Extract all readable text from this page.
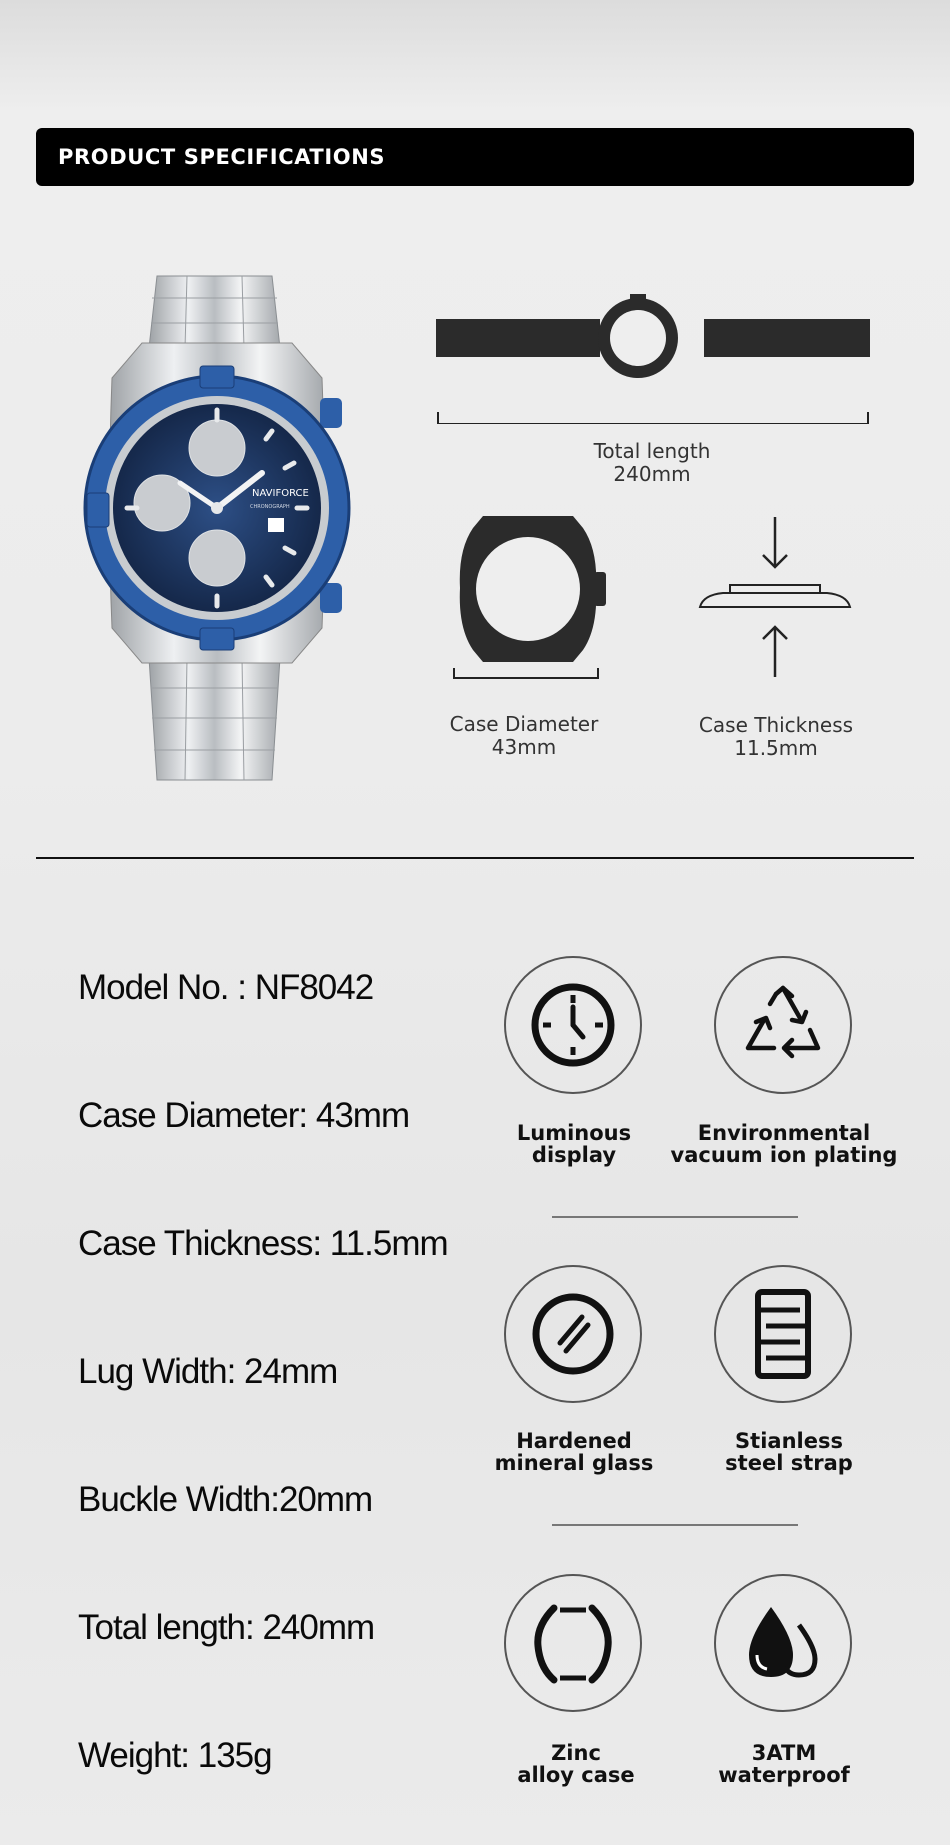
PRODUCT SPECIFICATIONS
NAVIFORCE
CHRONOGRAPH
Total length
240mm
Case Diameter
43mm
Case Thickness
11.5mm
Model No. : NF8042
Case Diameter: 43mm
Case Thickness: 11.5mm
Lug Width: 24mm
Buckle Width:20mm
Total length: 240mm
Weight: 135g
Luminous
display
Environmental
vacuum ion plating
Hardened
mineral glass
Stianless
steel strap
Zinc
alloy case
3ATM
waterproof
